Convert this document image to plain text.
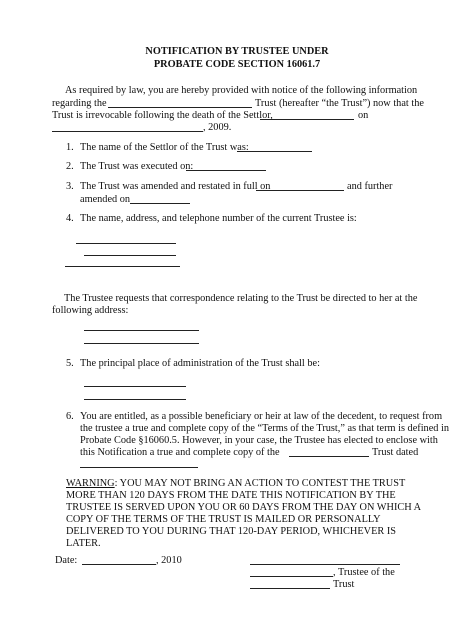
NOTIFICATION BY TRUSTEE UNDER
PROBATE CODE SECTION 16061.7
As required by law, you are hereby provided with notice of the following information
regarding the	Trust (hereafter “the Trust”) now that the
Trust is irrevocable following the death of the Settlor,	on
, 2009.
1. The name of the Settlor of the Trust was:
2. The Trust was executed on:
3. The Trust was amended and restated in full on	and further
amended on
4. The name, address, and telephone number of the current Trustee is:
The Trustee requests that correspondence relating to the Trust be directed to her at the
following address:
5. The principal place of administration of the Trust shall be:
6. You are entitled, as a possible beneficiary or heir at law of the decedent, to request from
the trustee a true and complete copy of the “Terms of the Trust,” as that term is defined in
Probate Code §16060.5. However, in your case, the Trustee has elected to enclose with
this Notification a true and complete copy of the	Trust dated
WARNING: YOU MAY NOT BRING AN ACTION TO CONTEST THE TRUST
MORE THAN 120 DAYS FROM THE DATE THIS NOTIFICATION BY THE
TRUSTEE IS SERVED UPON YOU OR 60 DAYS FROM THE DAY ON WHICH A
COPY OF THE TERMS OF THE TRUST IS MAILED OR PERSONALLY
DELIVERED TO YOU DURING THAT 120-DAY PERIOD, WHICHEVER IS
LATER.
Date:	, 2010
, Trustee of the
Trust
